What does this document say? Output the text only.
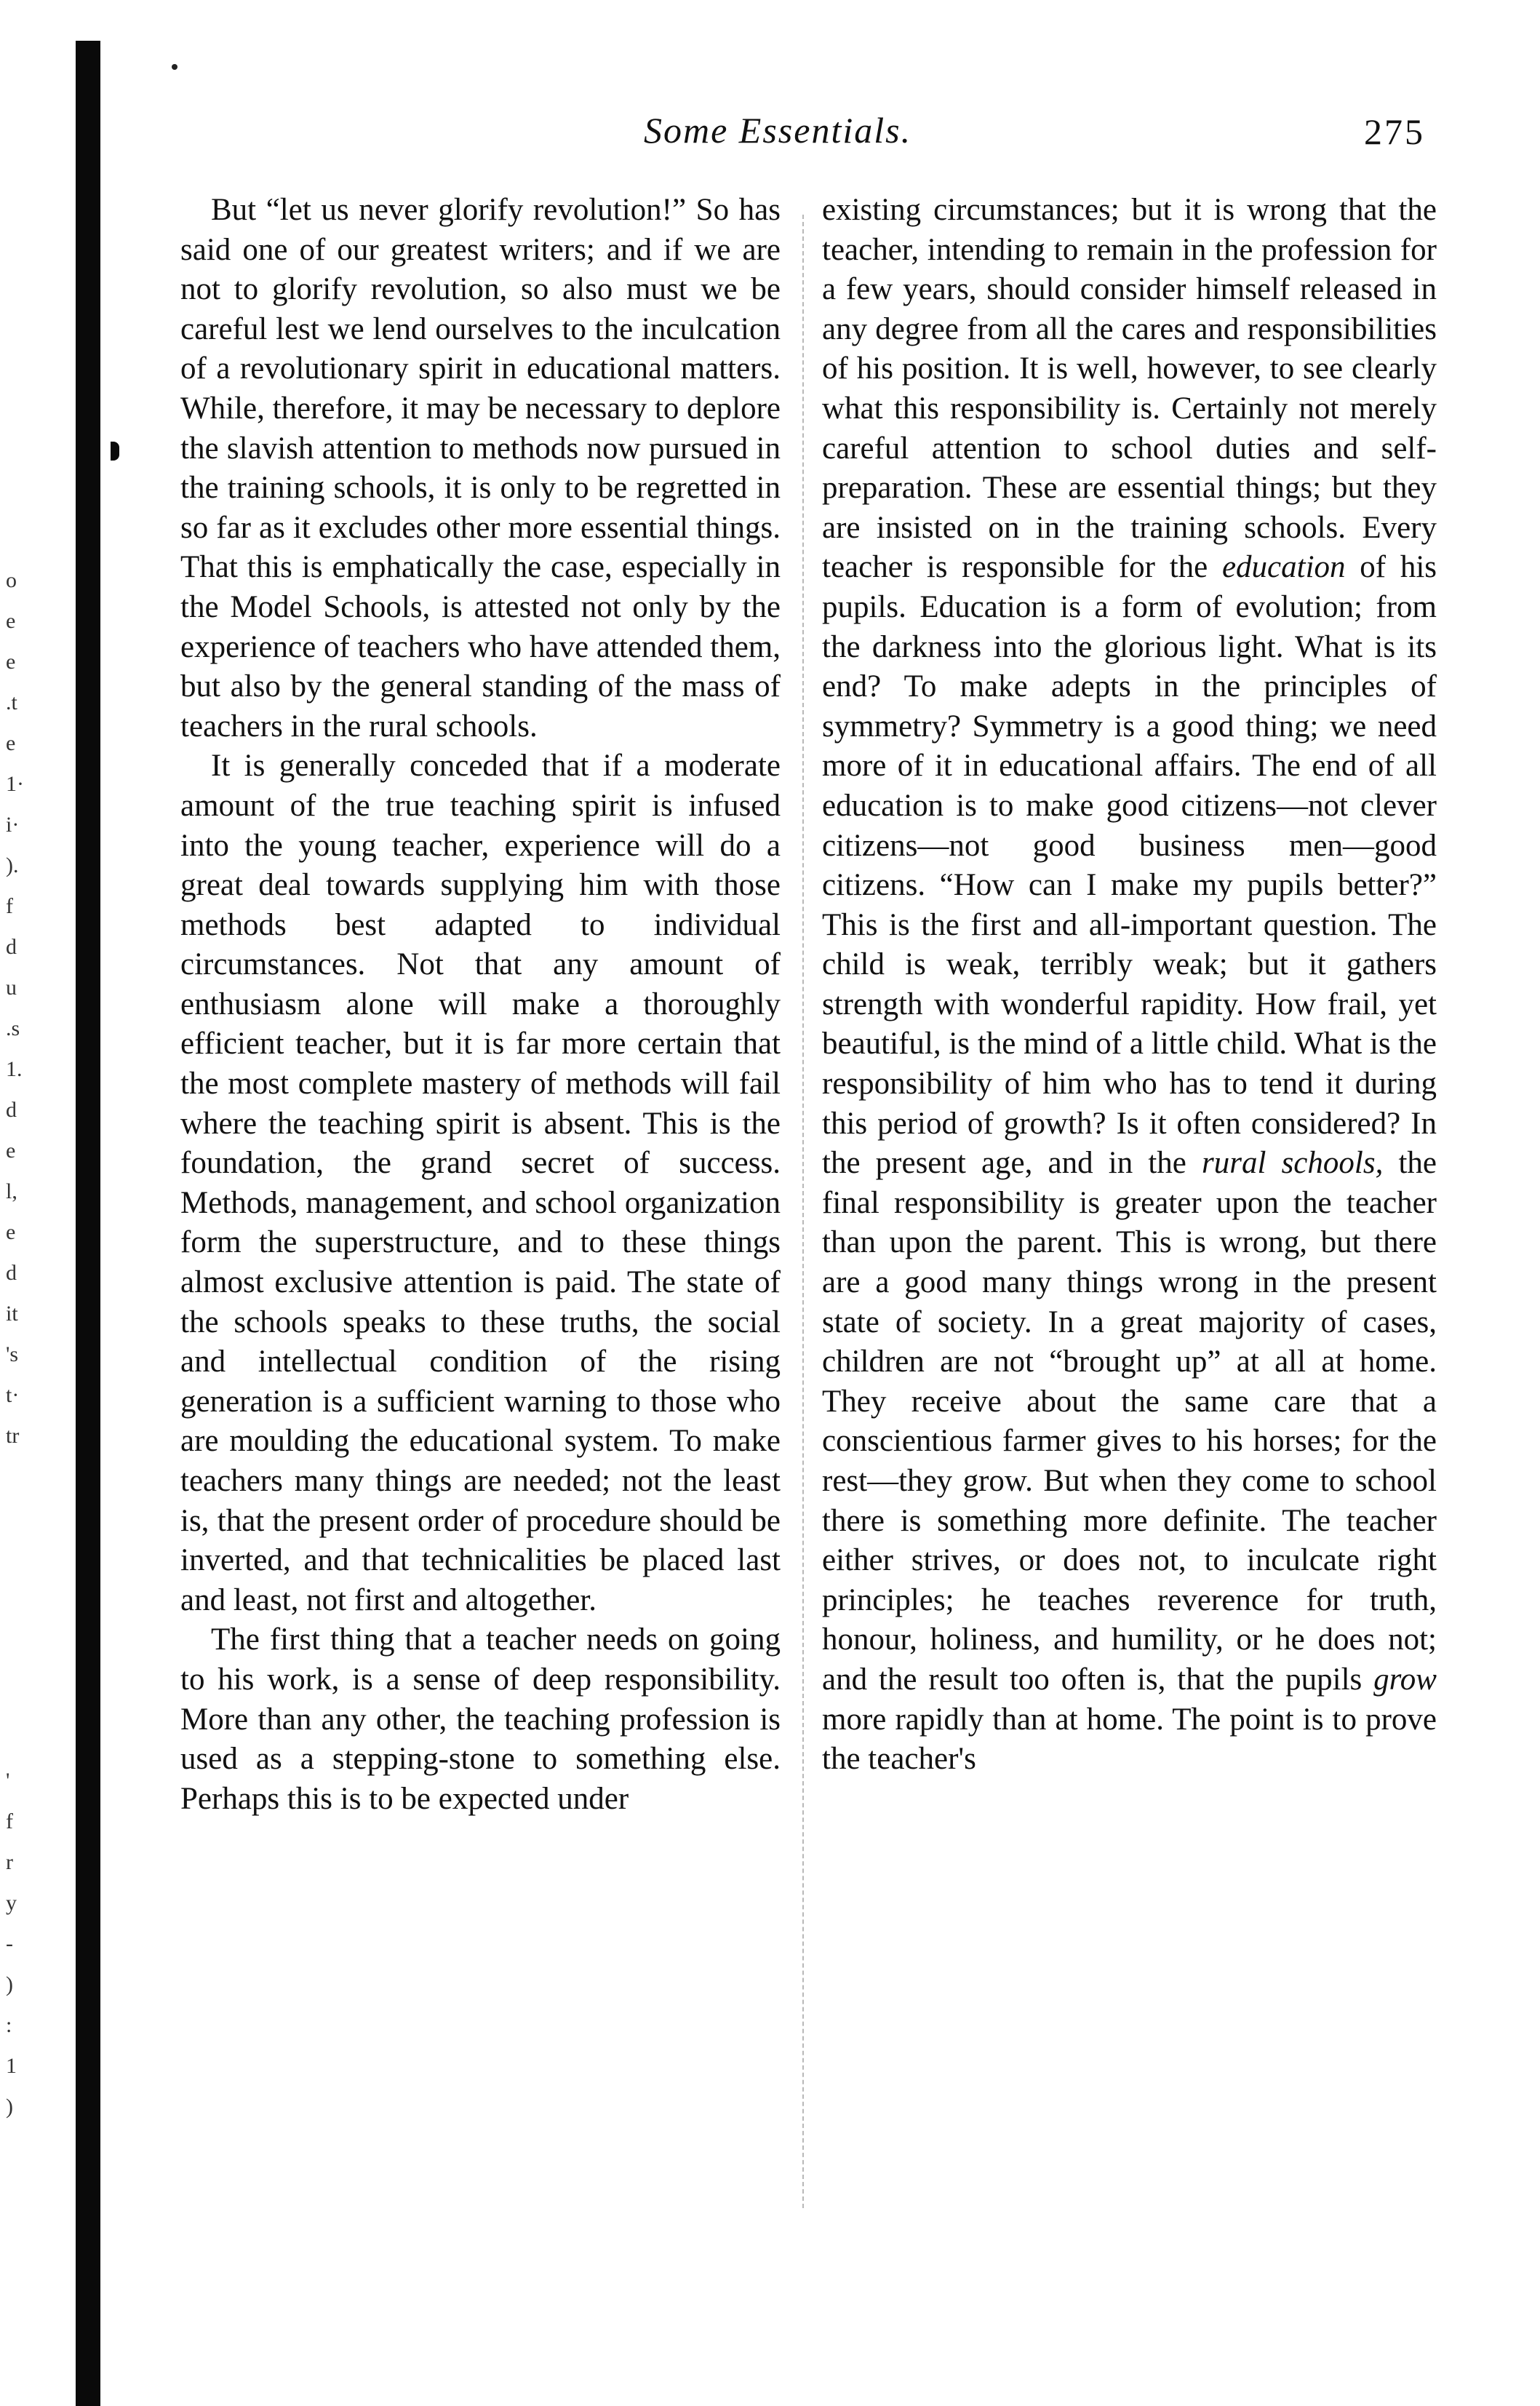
o
e
e
.t
e
1·
i·
).
f
d
u
.s
1.
d
e
l,
e
d
it
's
t·
tr
'
f
r
y
-
)
:
1
)
Some Essentials.	275

But “let us never glorify revolution!” So has said one of our greatest writers; and if we are not to glorify revolution, so also must we be careful lest we lend ourselves to the inculcation of a revolutionary spirit in educational matters. While, therefore, it may be necessary to deplore the slavish attention to methods now pursued in the training schools, it is only to be regretted in so far as it excludes other more essential things. That this is emphatically the case, especially in the Model Schools, is attested not only by the experience of teachers who have attended them, but also by the general standing of the mass of teachers in the rural schools.

It is generally conceded that if a moderate amount of the true teaching spirit is infused into the young teacher, experience will do a great deal towards supplying him with those methods best adapted to individual circumstances. Not that any amount of enthusiasm alone will make a thoroughly efficient teacher, but it is far more certain that the most complete mastery of methods will fail where the teaching spirit is absent. This is the foundation, the grand secret of success. Methods, management, and school organization form the superstructure, and to these things almost exclusive attention is paid. The state of the schools speaks to these truths, the social and intellectual condition of the rising generation is a sufficient warning to those who are moulding the educational system. To make teachers many things are needed; not the least is, that the present order of procedure should be inverted, and that technicalities be placed last and least, not first and altogether.

The first thing that a teacher needs on going to his work, is a sense of deep responsibility. More than any other, the teaching profession is used as a stepping-stone to something else. Perhaps this is to be expected under

existing circumstances; but it is wrong that the teacher, intending to remain in the profession for a few years, should consider himself released in any degree from all the cares and responsibilities of his position. It is well, however, to see clearly what this responsibility is. Certainly not merely careful attention to school duties and self-preparation. These are essential things; but they are insisted on in the training schools. Every teacher is responsible for the education of his pupils. Education is a form of evolution; from the darkness into the glorious light. What is its end? To make adepts in the principles of symmetry? Symmetry is a good thing; we need more of it in educational affairs. The end of all education is to make good citizens—not clever citizens—not good business men—good citizens. “How can I make my pupils better?” This is the first and all-important question. The child is weak, terribly weak; but it gathers strength with wonderful rapidity. How frail, yet beautiful, is the mind of a little child. What is the responsibility of him who has to tend it during this period of growth? Is it often considered? In the present age, and in the rural schools, the final responsibility is greater upon the teacher than upon the parent. This is wrong, but there are a good many things wrong in the present state of society. In a great majority of cases, children are not “brought up” at all at home. They receive about the same care that a conscientious farmer gives to his horses; for the rest—they grow. But when they come to school there is something more definite. The teacher either strives, or does not, to inculcate right principles; he teaches reverence for truth, honour, holiness, and humility, or he does not; and the result too often is, that the pupils grow more rapidly than at home. The point is to prove the teacher's
